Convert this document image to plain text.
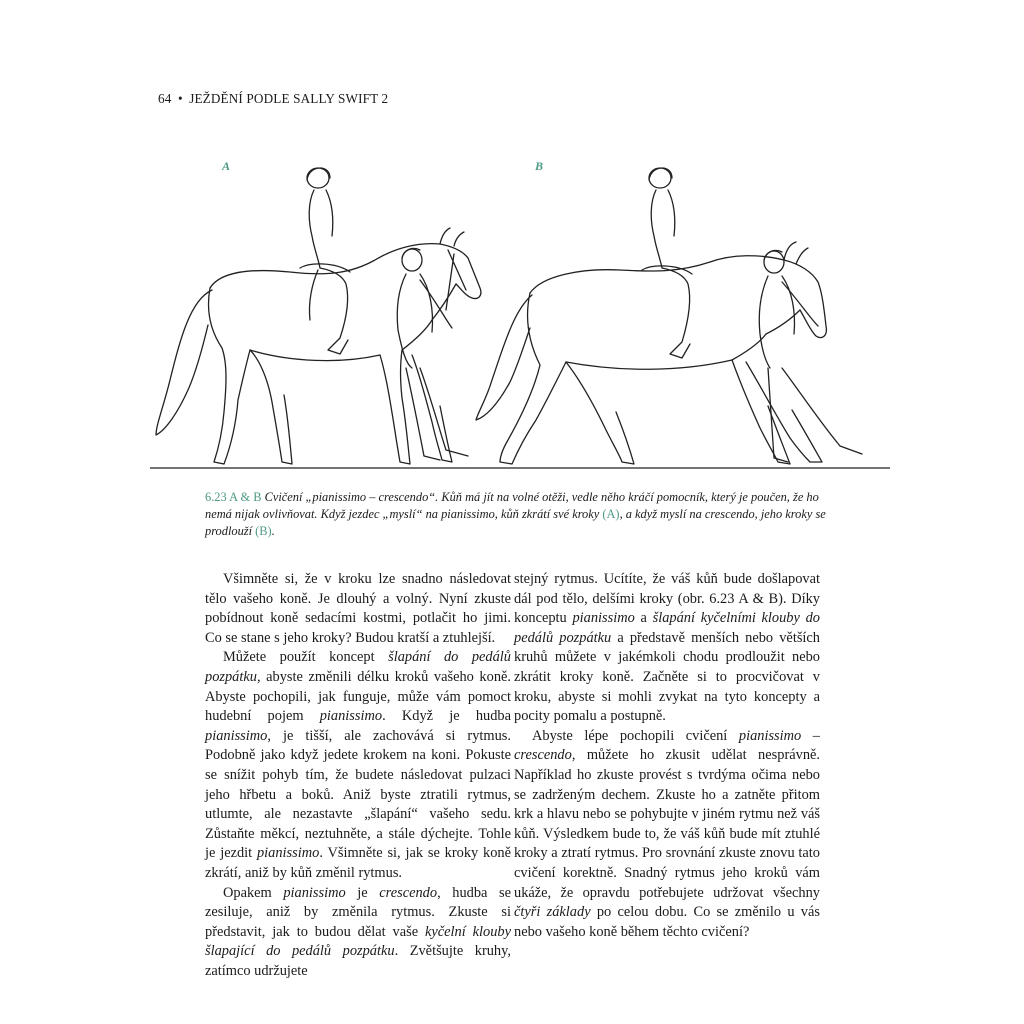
64 • JEŽDĚNÍ PODLE SALLY SWIFT 2
A	B
6.23 A & B Cvičení „pianissimo – crescendo“. Kůň má jít na volné otěži, vedle něho kráčí pomocník, který je poučen, že ho nemá nijak ovlivňovat. Když jezdec „myslí“ na pianissimo, kůň zkrátí své kroky (A), a když myslí na crescendo, jeho kroky se prodlouží (B).

Všimněte si, že v kroku lze snadno následovat tělo vašeho koně. Je dlouhý a volný. Nyní zkuste pobídnout koně sedacími kostmi, potlačit ho jimi. Co se stane s jeho kroky? Budou kratší a ztuhlejší.

Můžete použít koncept šlapání do pedálů pozpátku, abyste změnili délku kroků vašeho koně. Abyste pochopili, jak funguje, může vám pomoct hudební pojem pianissimo. Když je hudba pianissimo, je tišší, ale zachovává si rytmus. Podobně jako když jedete krokem na koni. Pokuste se snížit pohyb tím, že budete následovat pulzaci jeho hřbetu a boků. Aniž byste ztratili rytmus, utlumte, ale nezastavte „šlapání“ vašeho sedu. Zůstaňte měkcí, neztuhněte, a stále dýchejte. Tohle je jezdit pianissimo. Všimněte si, jak se kroky koně zkrátí, aniž by kůň změnil rytmus.

Opakem pianissimo je crescendo, hudba se zesiluje, aniž by změnila rytmus. Zkuste si představit, jak to budou dělat vaše kyčelní klouby šlapající do pedálů pozpátku. Zvětšujte kruhy, zatímco udržujete

stejný rytmus. Ucítíte, že váš kůň bude došlapovat dál pod tělo, delšími kroky (obr. 6.23 A & B). Díky konceptu pianissimo a šlapání kyčelními klouby do pedálů pozpátku a představě menších nebo větších kruhů můžete v jakémkoli chodu prodloužit nebo zkrátit kroky koně. Začněte si to procvičovat v kroku, abyste si mohli zvykat na tyto koncepty a pocity pomalu a postupně.

Abyste lépe pochopili cvičení pianissimo – crescendo, můžete ho zkusit udělat nesprávně. Například ho zkuste provést s tvrdýma očima nebo se zadrženým dechem. Zkuste ho a zatněte přitom krk a hlavu nebo se pohybujte v jiném rytmu než váš kůň. Výsledkem bude to, že váš kůň bude mít ztuhlé kroky a ztratí rytmus. Pro srovnání zkuste znovu tato cvičení korektně. Snadný rytmus jeho kroků vám ukáže, že opravdu potřebujete udržovat všechny čtyři základy po celou dobu. Co se změnilo u vás nebo vašeho koně během těchto cvičení?
